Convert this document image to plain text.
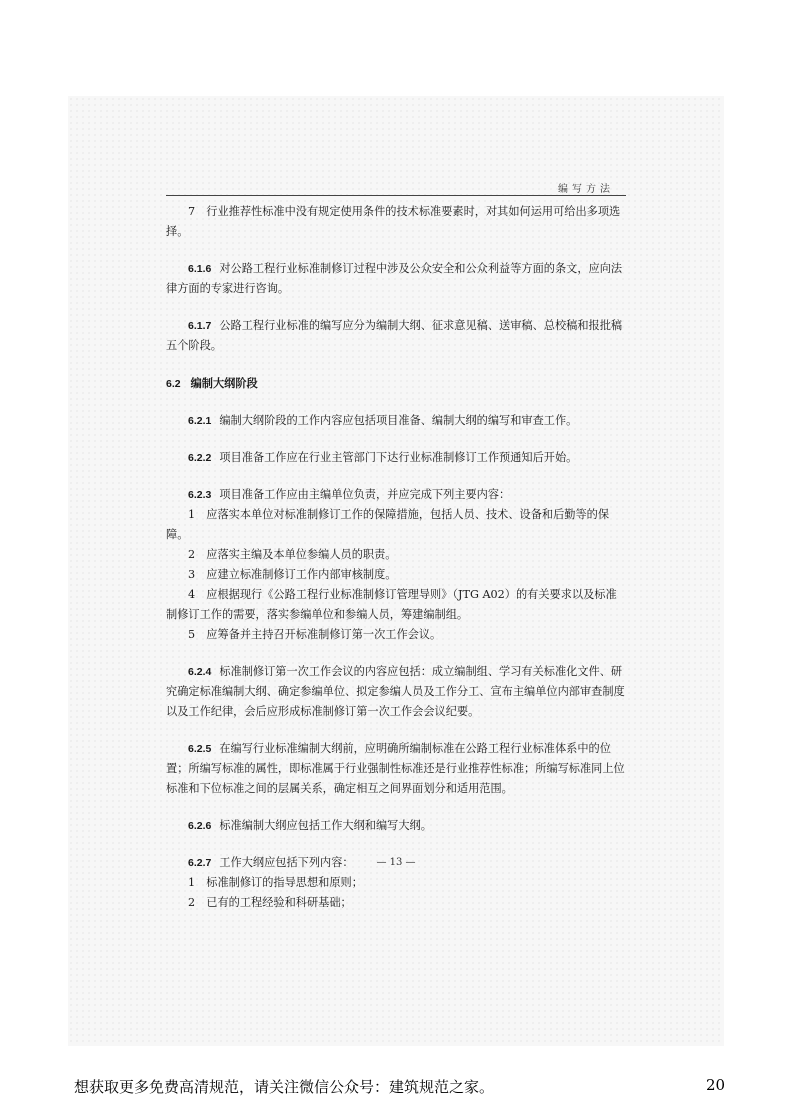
编写方法

7　行业推荐性标准中没有规定使用条件的技术标准要素时，对其如何运用可给出多项选择。

6.1.6 对公路工程行业标准制修订过程中涉及公众安全和公众利益等方面的条文，应向法律方面的专家进行咨询。

6.1.7 公路工程行业标准的编写应分为编制大纲、征求意见稿、送审稿、总校稿和报批稿五个阶段。

6.2 编制大纲阶段

6.2.1 编制大纲阶段的工作内容应包括项目准备、编制大纲的编写和审查工作。

6.2.2 项目准备工作应在行业主管部门下达行业标准制修订工作预通知后开始。

6.2.3 项目准备工作应由主编单位负责，并应完成下列主要内容：

1　应落实本单位对标准制修订工作的保障措施，包括人员、技术、设备和后勤等的保障。

2　应落实主编及本单位参编人员的职责。

3　应建立标准制修订工作内部审核制度。

4　应根据现行《公路工程行业标准制修订管理导则》（JTG A02）的有关要求以及标准制修订工作的需要，落实参编单位和参编人员，筹建编制组。

5　应筹备并主持召开标准制修订第一次工作会议。

6.2.4 标准制修订第一次工作会议的内容应包括：成立编制组、学习有关标准化文件、研究确定标准编制大纲、确定参编单位、拟定参编人员及工作分工、宣布主编单位内部审查制度以及工作纪律，会后应形成标准制修订第一次工作会会议纪要。

6.2.5 在编写行业标准编制大纲前，应明确所编制标准在公路工程行业标准体系中的位置；所编写标准的属性，即标准属于行业强制性标准还是行业推荐性标准；所编写标准同上位标准和下位标准之间的层属关系，确定相互之间界面划分和适用范围。

6.2.6 标准编制大纲应包括工作大纲和编写大纲。

6.2.7 工作大纲应包括下列内容：

1　标准制修订的指导思想和原则；

2　已有的工程经验和科研基础；

— 13 —
想获取更多免费高清规范，请关注微信公众号：建筑规范之家。	20
